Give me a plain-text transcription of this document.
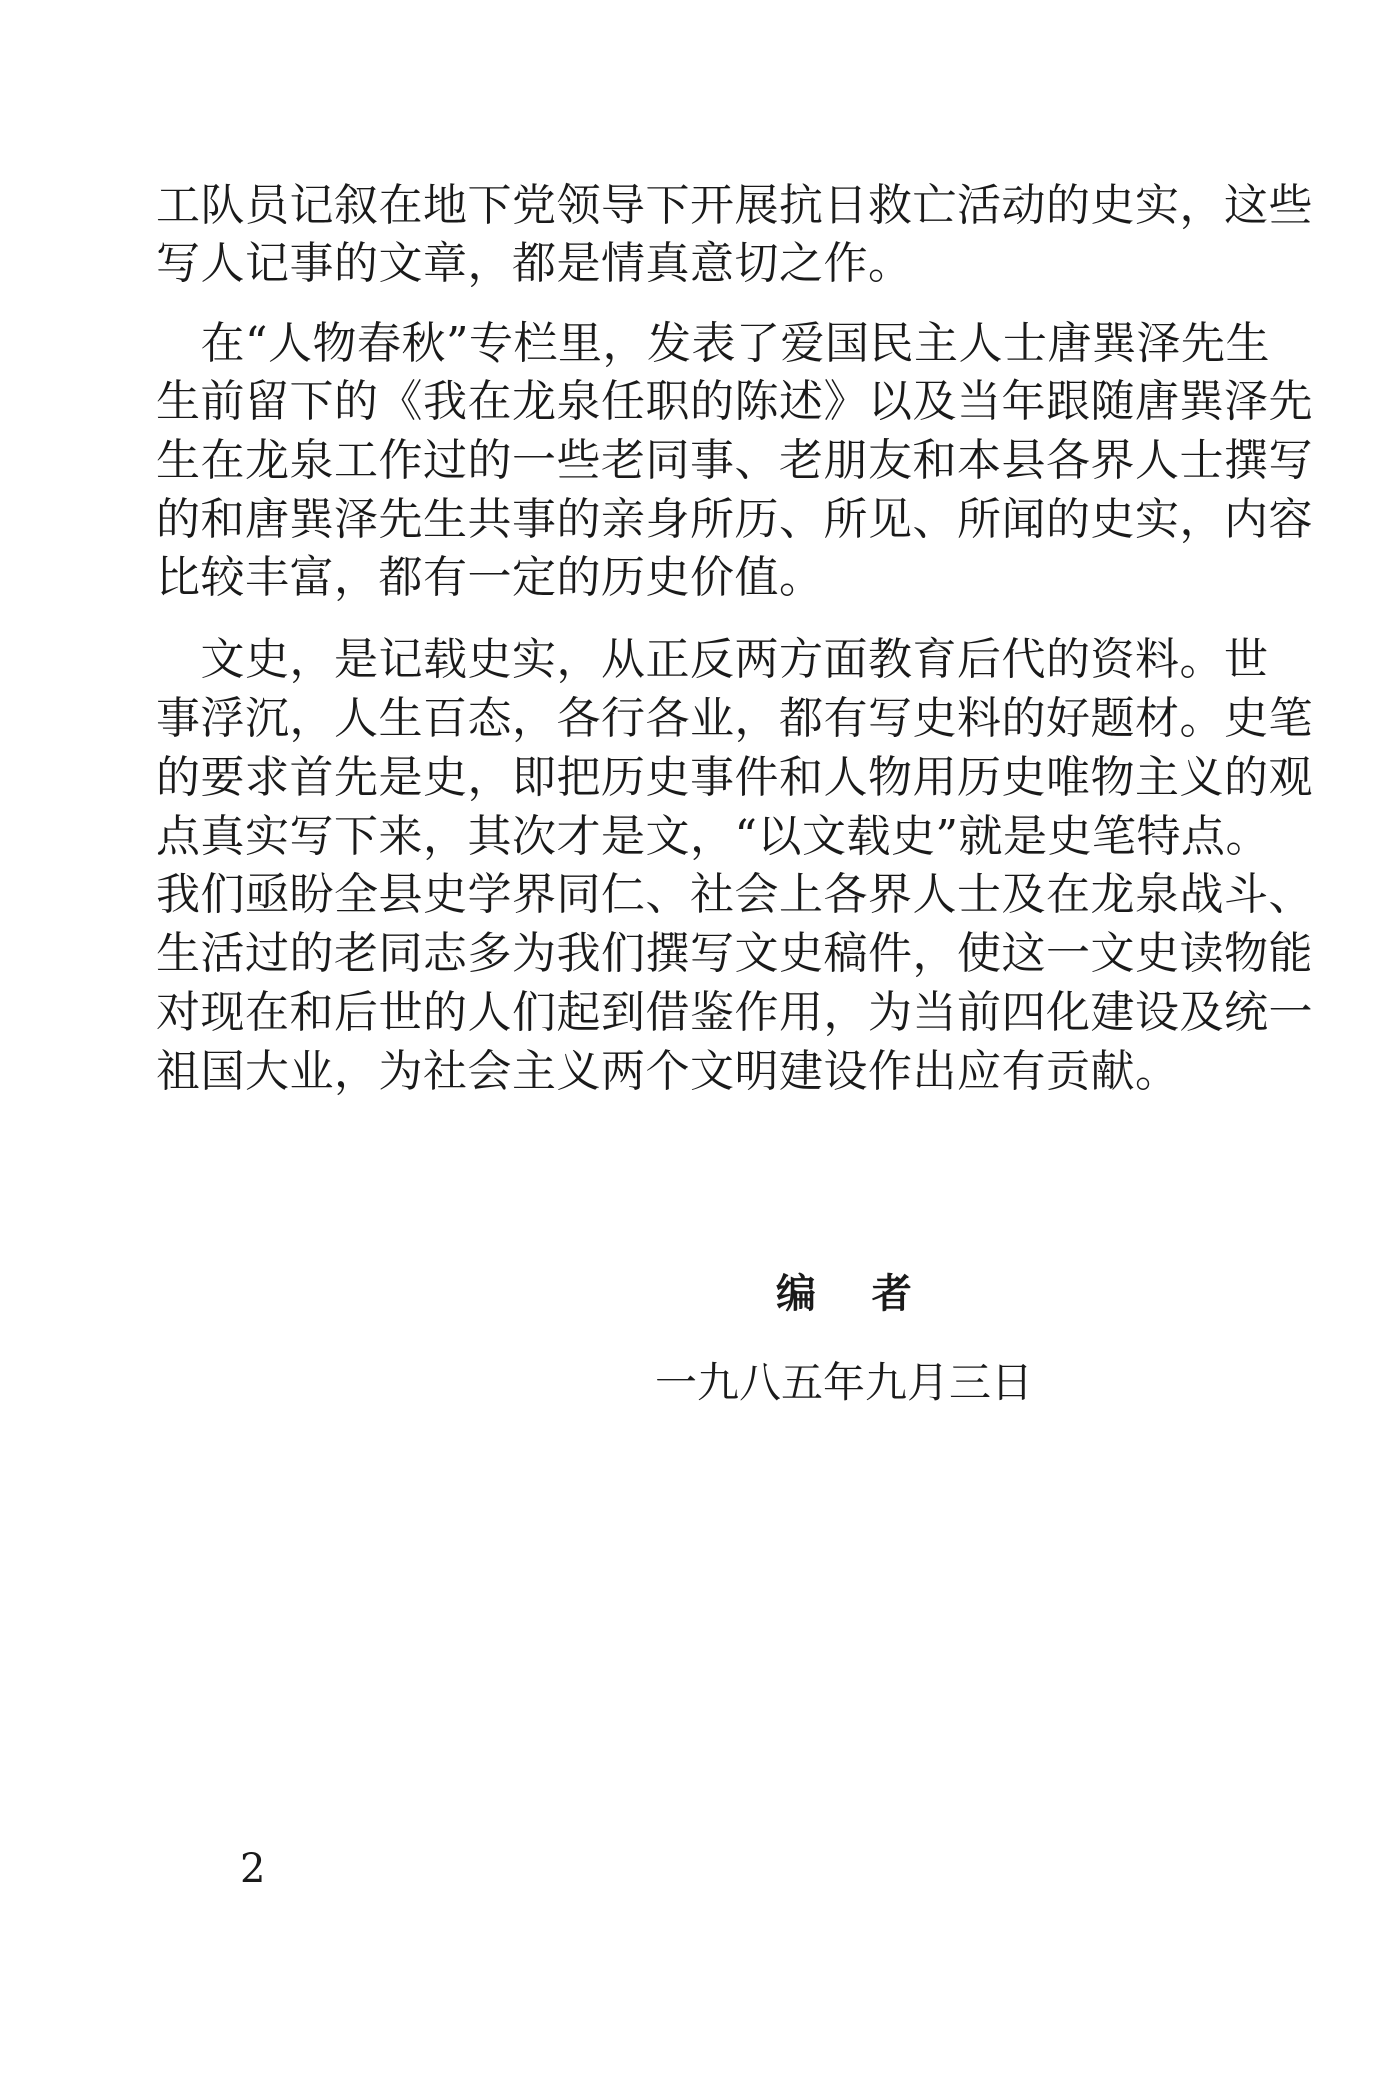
工队员记叙在地下党领导下开展抗日救亡活动的史实，这些
写人记事的文章，都是情真意切之作。
　在“人物春秋”专栏里，发表了爱国民主人士唐巽泽先生
生前留下的《我在龙泉任职的陈述》以及当年跟随唐巽泽先
生在龙泉工作过的一些老同事、老朋友和本县各界人士撰写
的和唐巽泽先生共事的亲身所历、所见、所闻的史实，内容
比较丰富，都有一定的历史价值。
　文史，是记载史实，从正反两方面教育后代的资料。世
事浮沉，人生百态，各行各业，都有写史料的好题材。史笔
的要求首先是史，即把历史事件和人物用历史唯物主义的观
点真实写下来，其次才是文，“以文载史”就是史笔特点。
我们亟盼全县史学界同仁、社会上各界人士及在龙泉战斗、
生活过的老同志多为我们撰写文史稿件，使这一文史读物能
对现在和后世的人们起到借鉴作用，为当前四化建设及统一
祖国大业，为社会主义两个文明建设作出应有贡献。
编    者
一九八五年九月三日
2
